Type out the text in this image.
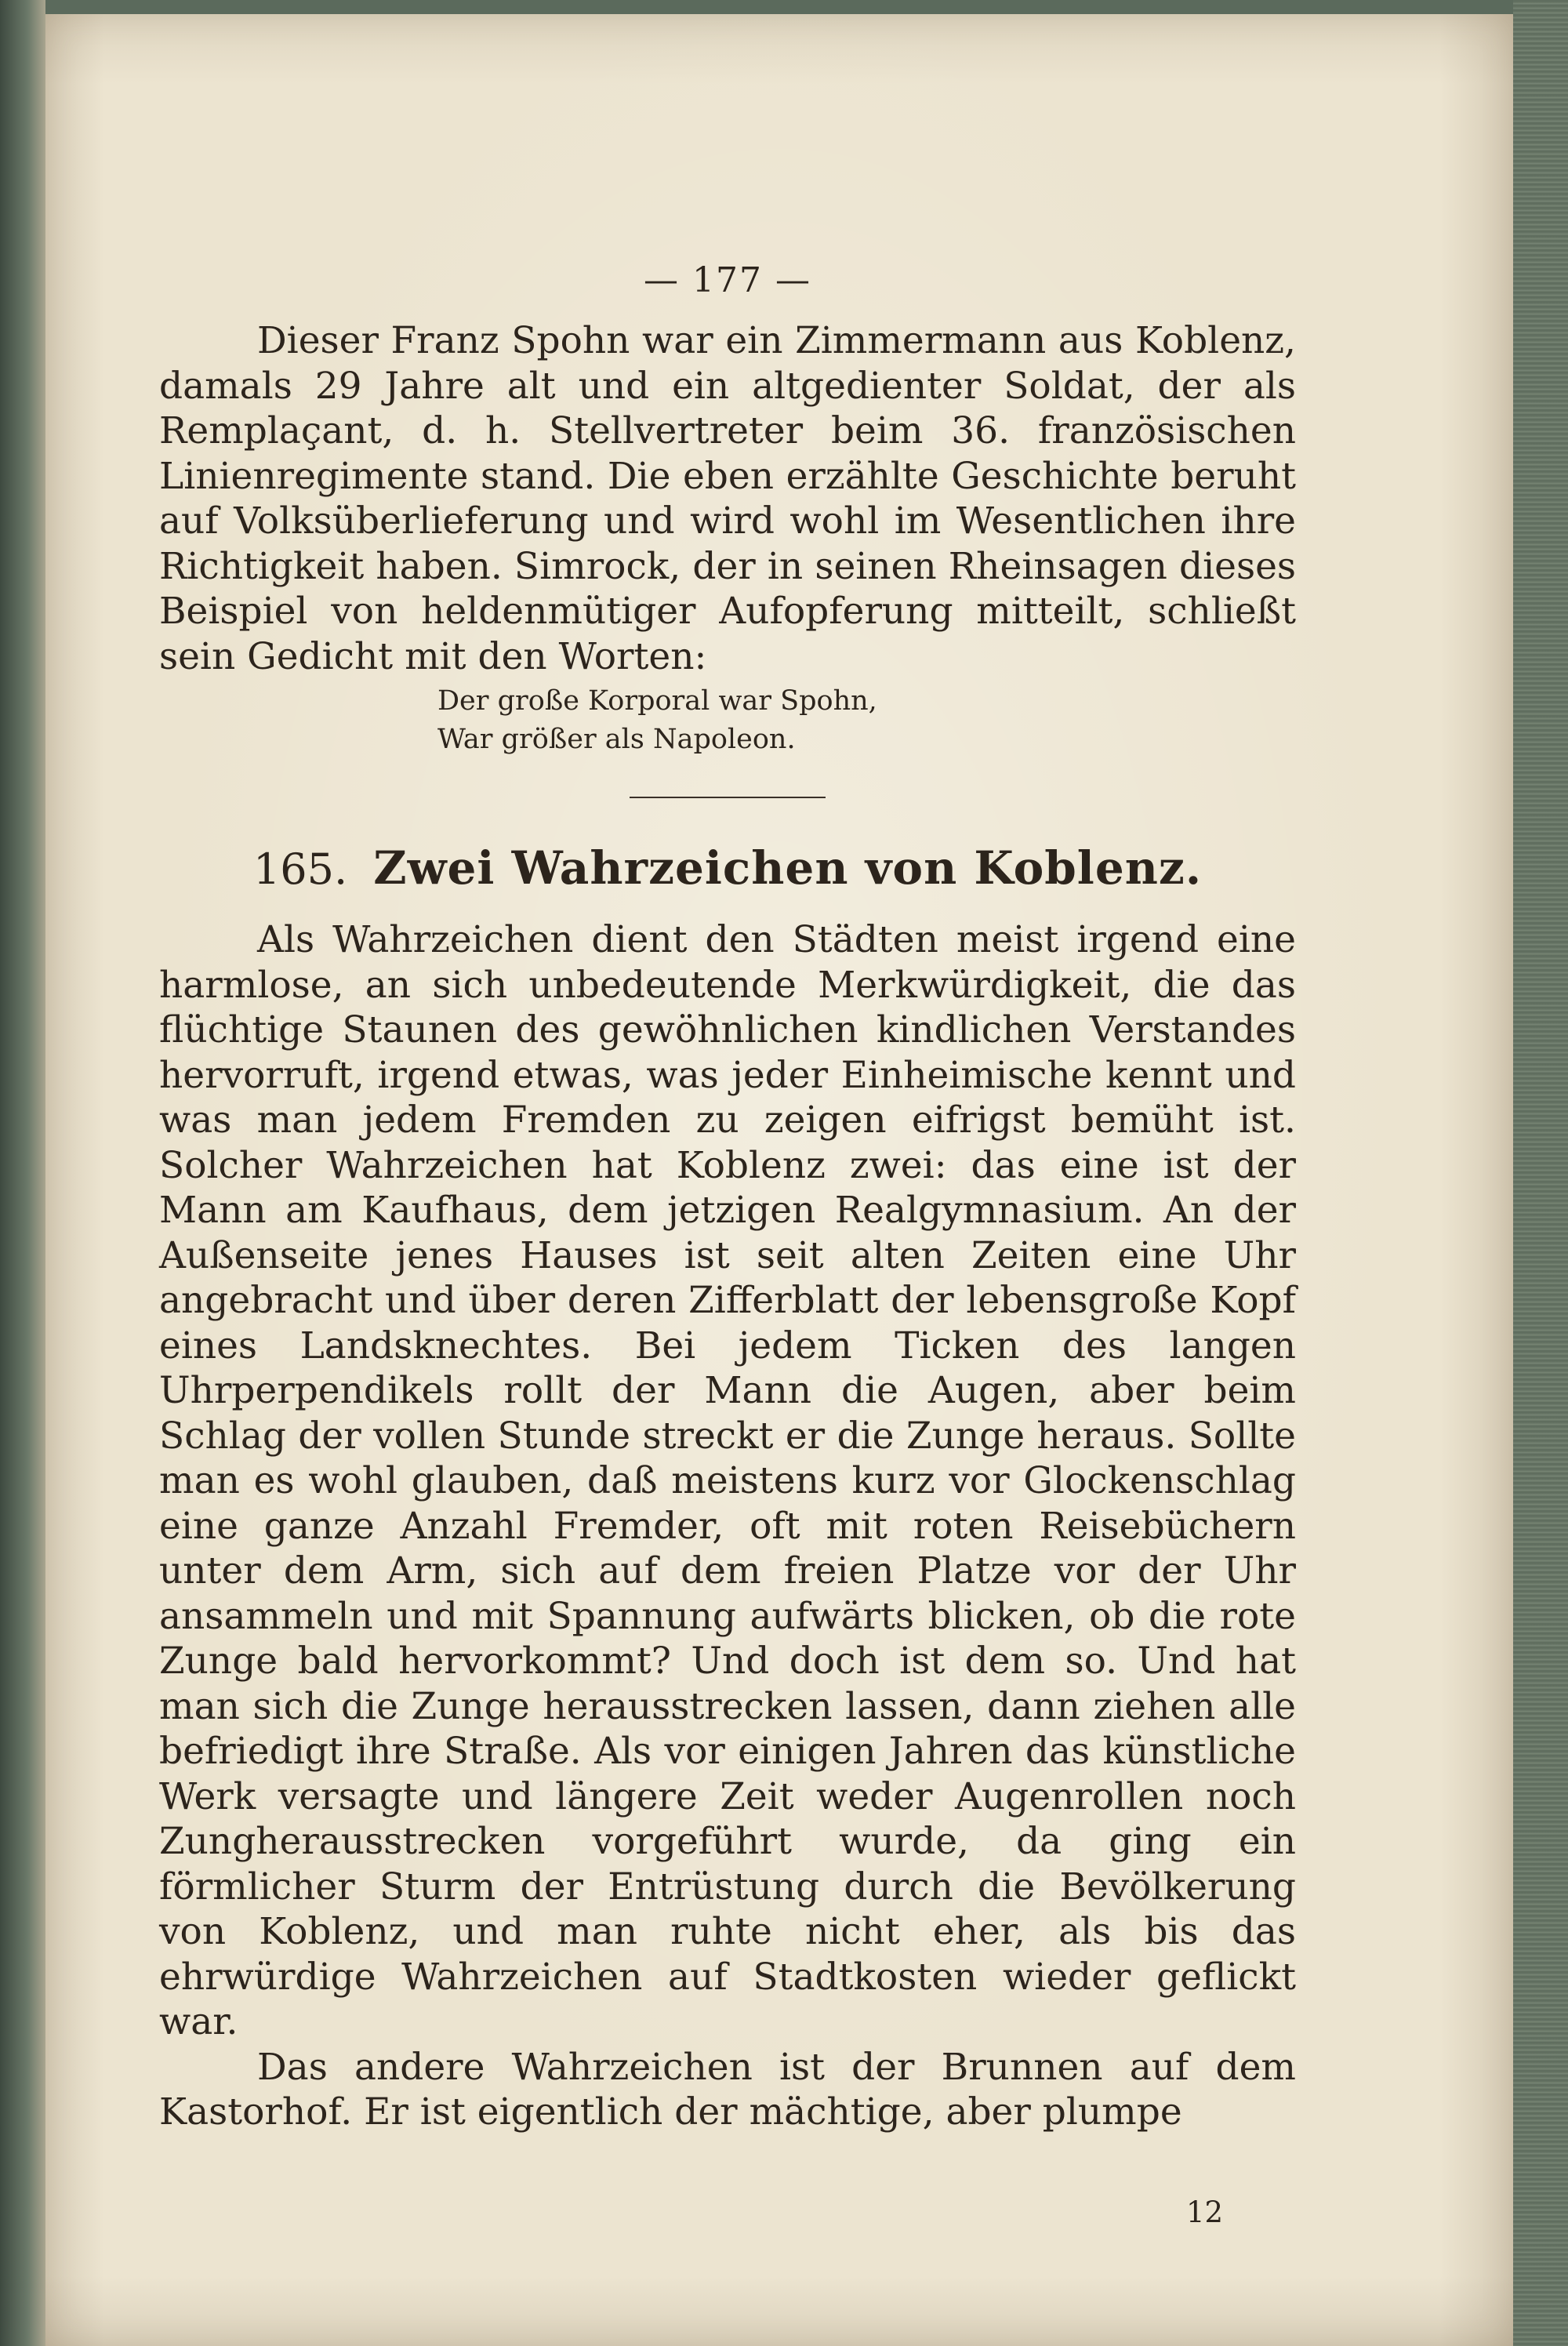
— 177 —

Dieser Franz Spohn war ein Zimmermann aus Koblenz, damals 29 Jahre alt und ein altgedienter Soldat, der als Remplaçant, d. h. Stellvertreter beim 36. französischen Linienregimente stand. Die eben erzählte Geschichte beruht auf Volksüberlieferung und wird wohl im Wesentlichen ihre Richtigkeit haben. Simrock, der in seinen Rheinsagen dieses Beispiel von heldenmütiger Aufopferung mitteilt, schließt sein Gedicht mit den Worten:

Der große Korporal war Spohn,
War größer als Napoleon.
165. Zwei Wahrzeichen von Koblenz.

Als Wahrzeichen dient den Städten meist irgend eine harmlose, an sich unbedeutende Merkwürdigkeit, die das flüchtige Staunen des gewöhnlichen kindlichen Verstandes hervorruft, irgend etwas, was jeder Einheimische kennt und was man jedem Fremden zu zeigen eifrigst bemüht ist. Solcher Wahrzeichen hat Koblenz zwei: das eine ist der Mann am Kaufhaus, dem jetzigen Realgymnasium. An der Außenseite jenes Hauses ist seit alten Zeiten eine Uhr angebracht und über deren Zifferblatt der lebensgroße Kopf eines Landsknechtes. Bei jedem Ticken des langen Uhrperpendikels rollt der Mann die Augen, aber beim Schlag der vollen Stunde streckt er die Zunge heraus. Sollte man es wohl glauben, daß meistens kurz vor Glockenschlag eine ganze Anzahl Fremder, oft mit roten Reisebüchern unter dem Arm, sich auf dem freien Platze vor der Uhr ansammeln und mit Spannung aufwärts blicken, ob die rote Zunge bald hervorkommt? Und doch ist dem so. Und hat man sich die Zunge herausstrecken lassen, dann ziehen alle befriedigt ihre Straße. Als vor einigen Jahren das künstliche Werk versagte und längere Zeit weder Augenrollen noch Zungherausstrecken vorgeführt wurde, da ging ein förmlicher Sturm der Entrüstung durch die Bevölkerung von Koblenz, und man ruhte nicht eher, als bis das ehrwürdige Wahrzeichen auf Stadtkosten wieder geflickt war.

Das andere Wahrzeichen ist der Brunnen auf dem Kastorhof. Er ist eigentlich der mächtige, aber plumpe

12
